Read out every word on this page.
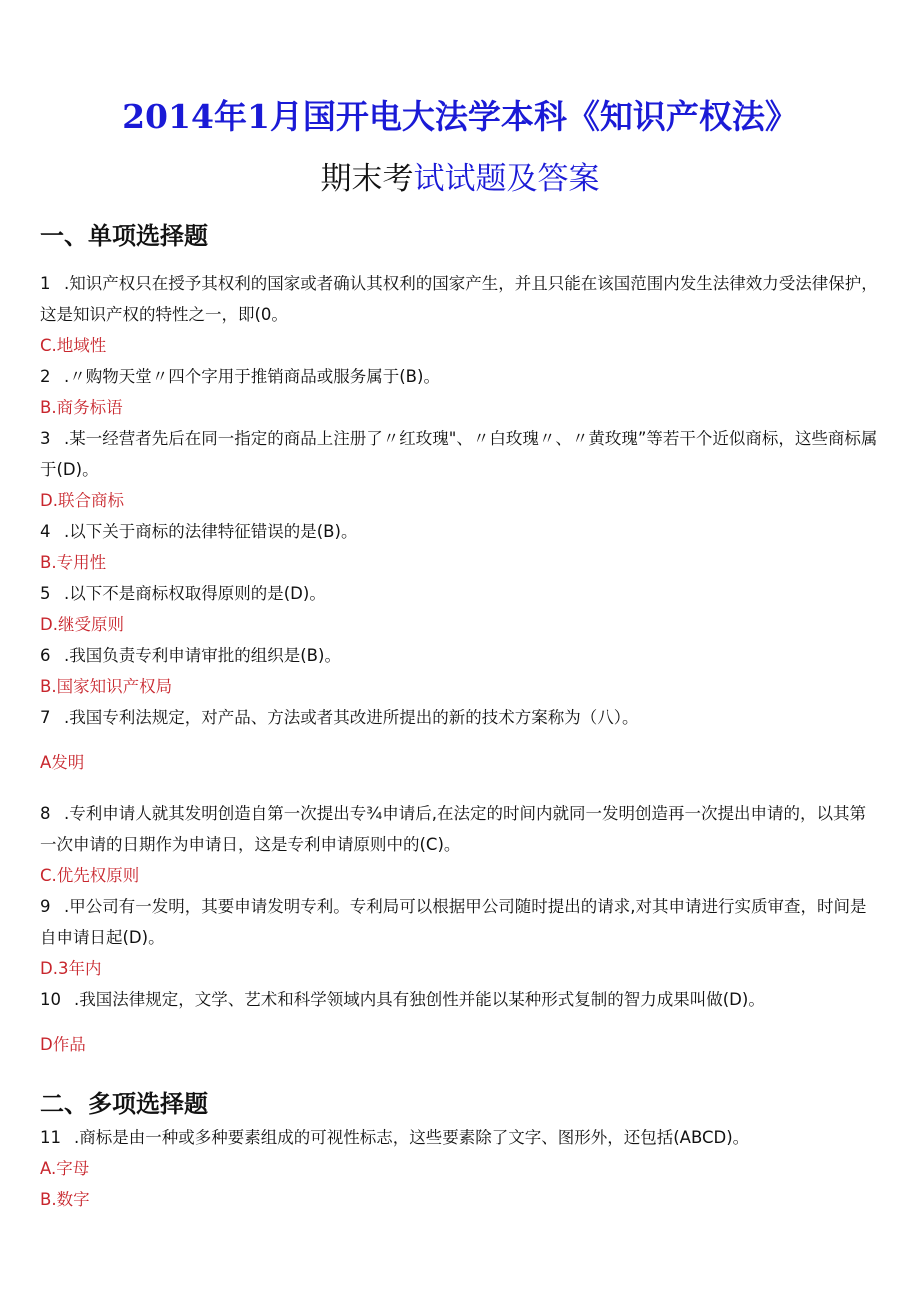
2014年1月国开电大法学本科《知识产权法》
期末考试试题及答案
一、单项选择题

1 .知识产权只在授予其权利的国家或者确认其权利的国家产生，并且只能在该国范围内发生法律效力受法律保护，这是知识产权的特性之一，即(0。

C.地域性

2 .〃购物天堂〃四个字用于推销商品或服务属于(B)。

B.商务标语

3 .某一经营者先后在同一指定的商品上注册了〃红玫瑰"、〃白玫瑰〃、〃黄玫瑰”等若干个近似商标，这些商标属于(D)。

D.联合商标

4 .以下关于商标的法律特征错误的是(B)。

B.专用性

5 .以下不是商标权取得原则的是(D)。

D.继受原则

6 .我国负责专利申请审批的组织是(B)。

B.国家知识产权局

7 .我国专利法规定，对产品、方法或者其改进所提出的新的技术方案称为（八）。

A发明

8 .专利申请人就其发明创造自第一次提出专¾申请后,在法定的时间内就同一发明创造再一次提出申请的，以其第一次申请的日期作为申请日，这是专利申请原则中的(C)。

C.优先权原则

9 .甲公司有一发明，其要申请发明专利。专利局可以根据甲公司随时提出的请求,对其申请进行实质审查，时间是自申请日起(D)。

D.3年内

10 .我国法律规定，文学、艺术和科学领域内具有独创性并能以某种形式复制的智力成果叫做(D)。

D作品

二、多项选择题

11 .商标是由一种或多种要素组成的可视性标志，这些要素除了文字、图形外，还包括(ABCD)。

A.字母

B.数字
